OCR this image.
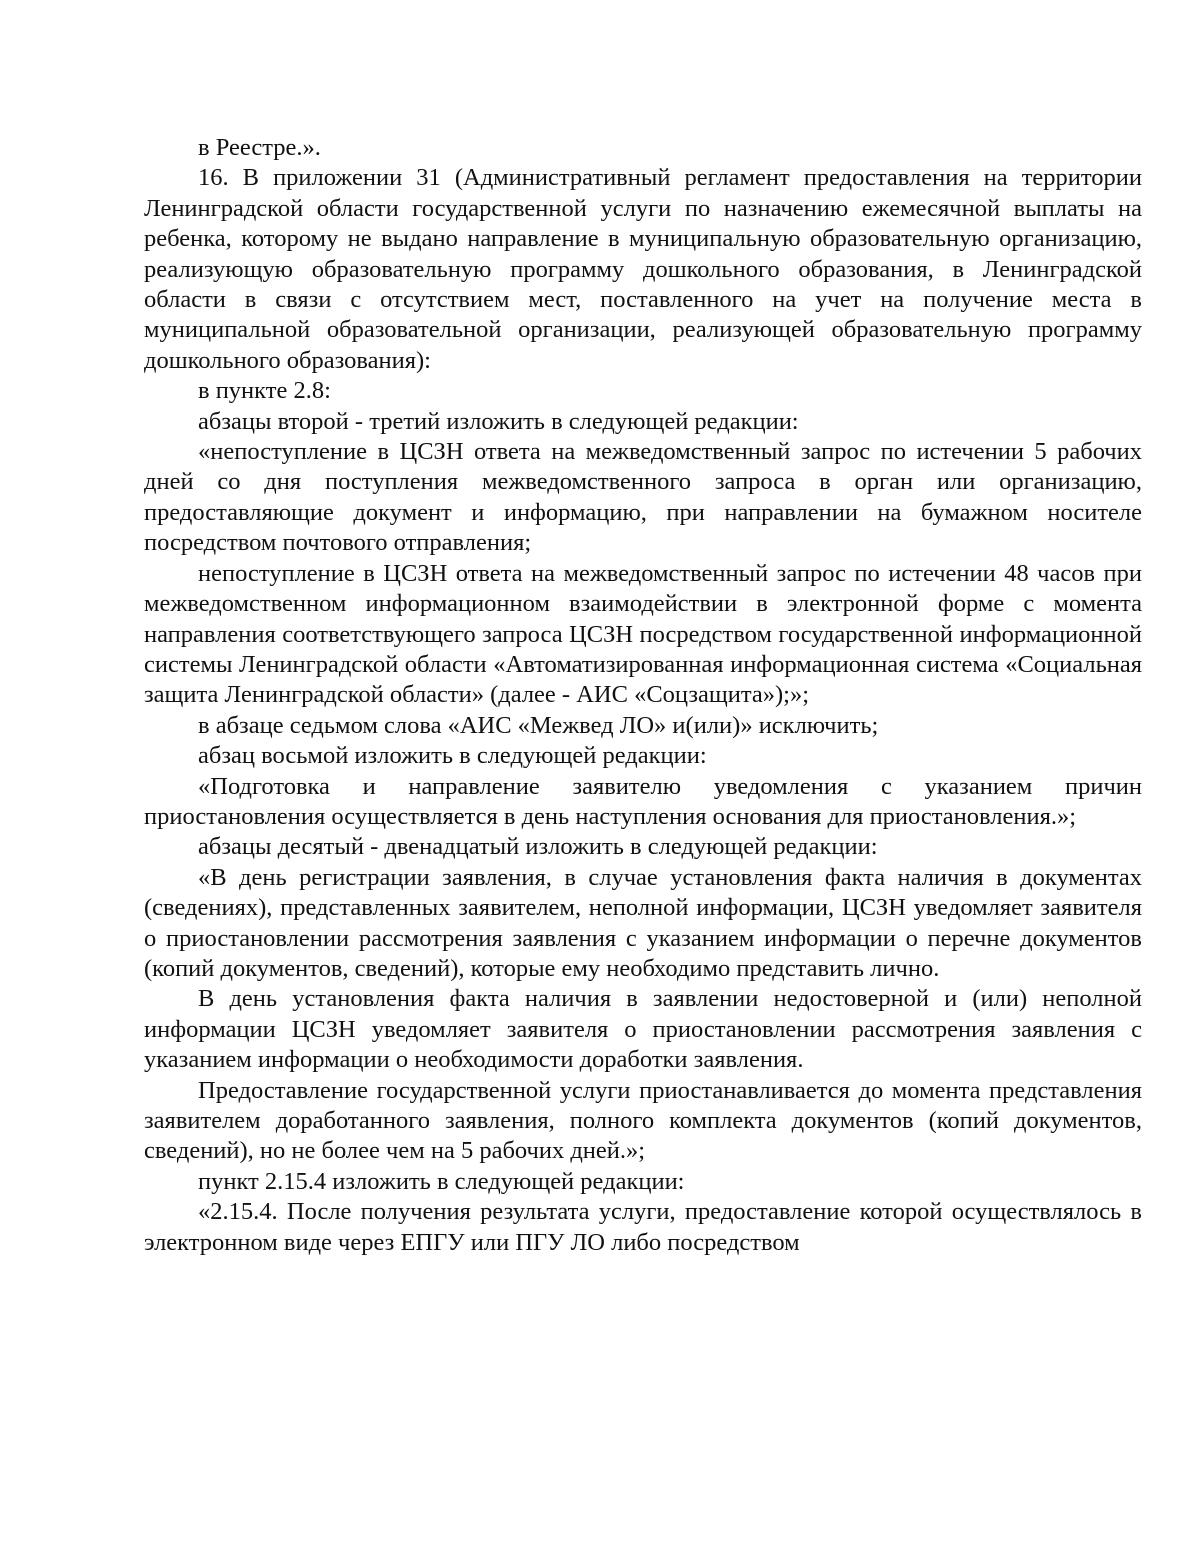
в Реестре.».

16. В приложении 31 (Административный регламент предоставления на территории Ленинградской области государственной услуги по назначению ежемесячной выплаты на ребенка, которому не выдано направление в муниципальную образовательную организацию, реализующую образовательную программу дошкольного образования, в Ленинградской области в связи с отсутствием мест, поставленного на учет на получение места в муниципальной образовательной организации, реализующей образовательную программу дошкольного образования):

в пункте 2.8:

абзацы второй - третий изложить в следующей редакции:

«непоступление в ЦСЗН ответа на межведомственный запрос по истечении 5 рабочих дней со дня поступления межведомственного запроса в орган или организацию, предоставляющие документ и информацию, при направлении на бумажном носителе посредством почтового отправления;

непоступление в ЦСЗН ответа на межведомственный запрос по истечении 48 часов при межведомственном информационном взаимодействии в электронной форме с момента направления соответствующего запроса ЦСЗН посредством государственной информационной системы Ленинградской области «Автоматизированная информационная система «Социальная защита Ленинградской области» (далее - АИС «Соцзащита»);»;

в абзаце седьмом слова «АИС «Межвед ЛО» и(или)» исключить;

абзац восьмой изложить в следующей редакции:

«Подготовка и направление заявителю уведомления с указанием причин приостановления осуществляется в день наступления основания для приостановления.»;

абзацы десятый - двенадцатый изложить в следующей редакции:

«В день регистрации заявления, в случае установления факта наличия в документах (сведениях), представленных заявителем, неполной информации, ЦСЗН уведомляет заявителя о приостановлении рассмотрения заявления с указанием информации о перечне документов (копий документов, сведений), которые ему необходимо представить лично.

В день установления факта наличия в заявлении недостоверной и (или) неполной информации ЦСЗН уведомляет заявителя о приостановлении рассмотрения заявления с указанием информации о необходимости доработки заявления.

Предоставление государственной услуги приостанавливается до момента представления заявителем доработанного заявления, полного комплекта документов (копий документов, сведений), но не более чем на 5 рабочих дней.»;

пункт 2.15.4 изложить в следующей редакции:

«2.15.4. После получения результата услуги, предоставление которой осуществлялось в электронном виде через ЕПГУ или ПГУ ЛО либо посредством
